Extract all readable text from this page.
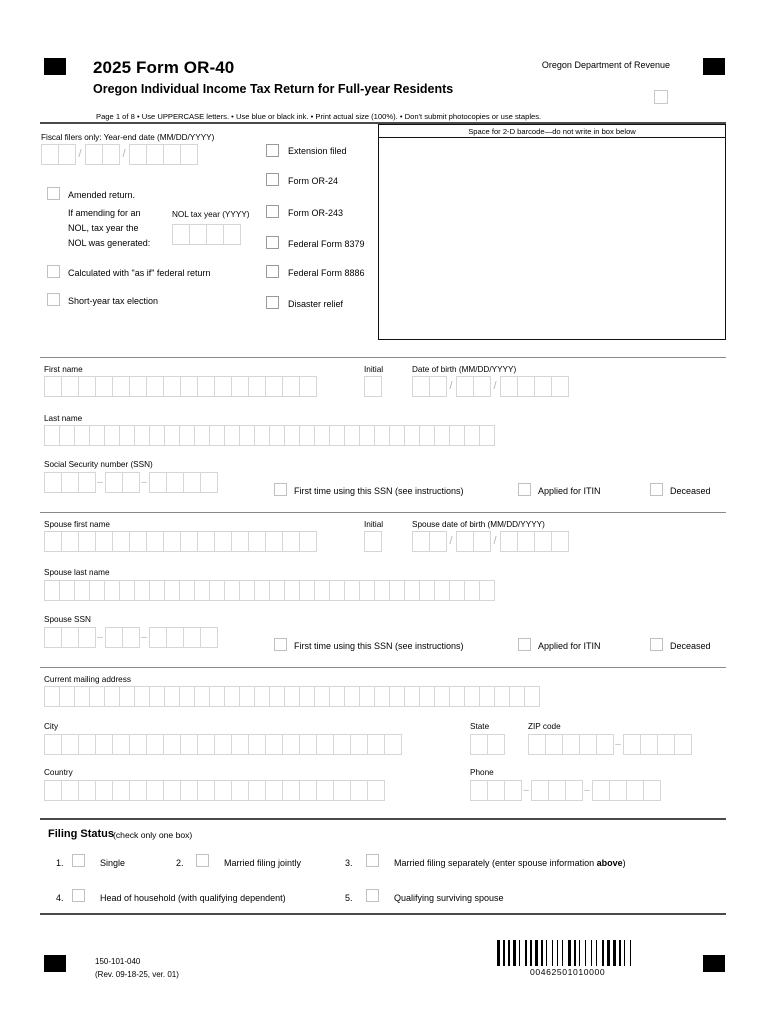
2025 Form OR-40
Oregon Individual Income Tax Return for Full-year Residents
Oregon Department of Revenue
Page 1 of 8 • Use UPPERCASE letters. • Use blue or black ink. • Print actual size (100%). • Don't submit photocopies or use staples.
Space for 2-D barcode—do not write in box below
Fiscal filers only: Year-end date (MM/DD/YYYY)
/	/
Amended return.
If amending for an
NOL, tax year the
NOL was generated:
NOL tax year (YYYY)
Calculated with "as if" federal return
Short-year tax election
Extension filed
Form OR-24
Form OR-243
Federal Form 8379
Federal Form 8886
Disaster relief
First name	Initial	Date of birth (MM/DD/YYYY)
/	/
Last name
Social Security number (SSN)
–	–
First time using this SSN (see instructions)	Applied for ITIN	Deceased
Spouse first name	Initial	Spouse date of birth (MM/DD/YYYY)
/	/
Spouse last name
Spouse SSN
–	–
First time using this SSN (see instructions)	Applied for ITIN	Deceased
Current mailing address
City	State	ZIP code
–
Country	Phone
–	–
Filing Status (check only one box)
1.	Single	2.	Married filing jointly	3.	Married filing separately (enter spouse information above)
4.	Head of household (with qualifying dependent)	5.	Qualifying surviving spouse
150-101-040
(Rev. 09-18-25, ver. 01)	00462501010000
